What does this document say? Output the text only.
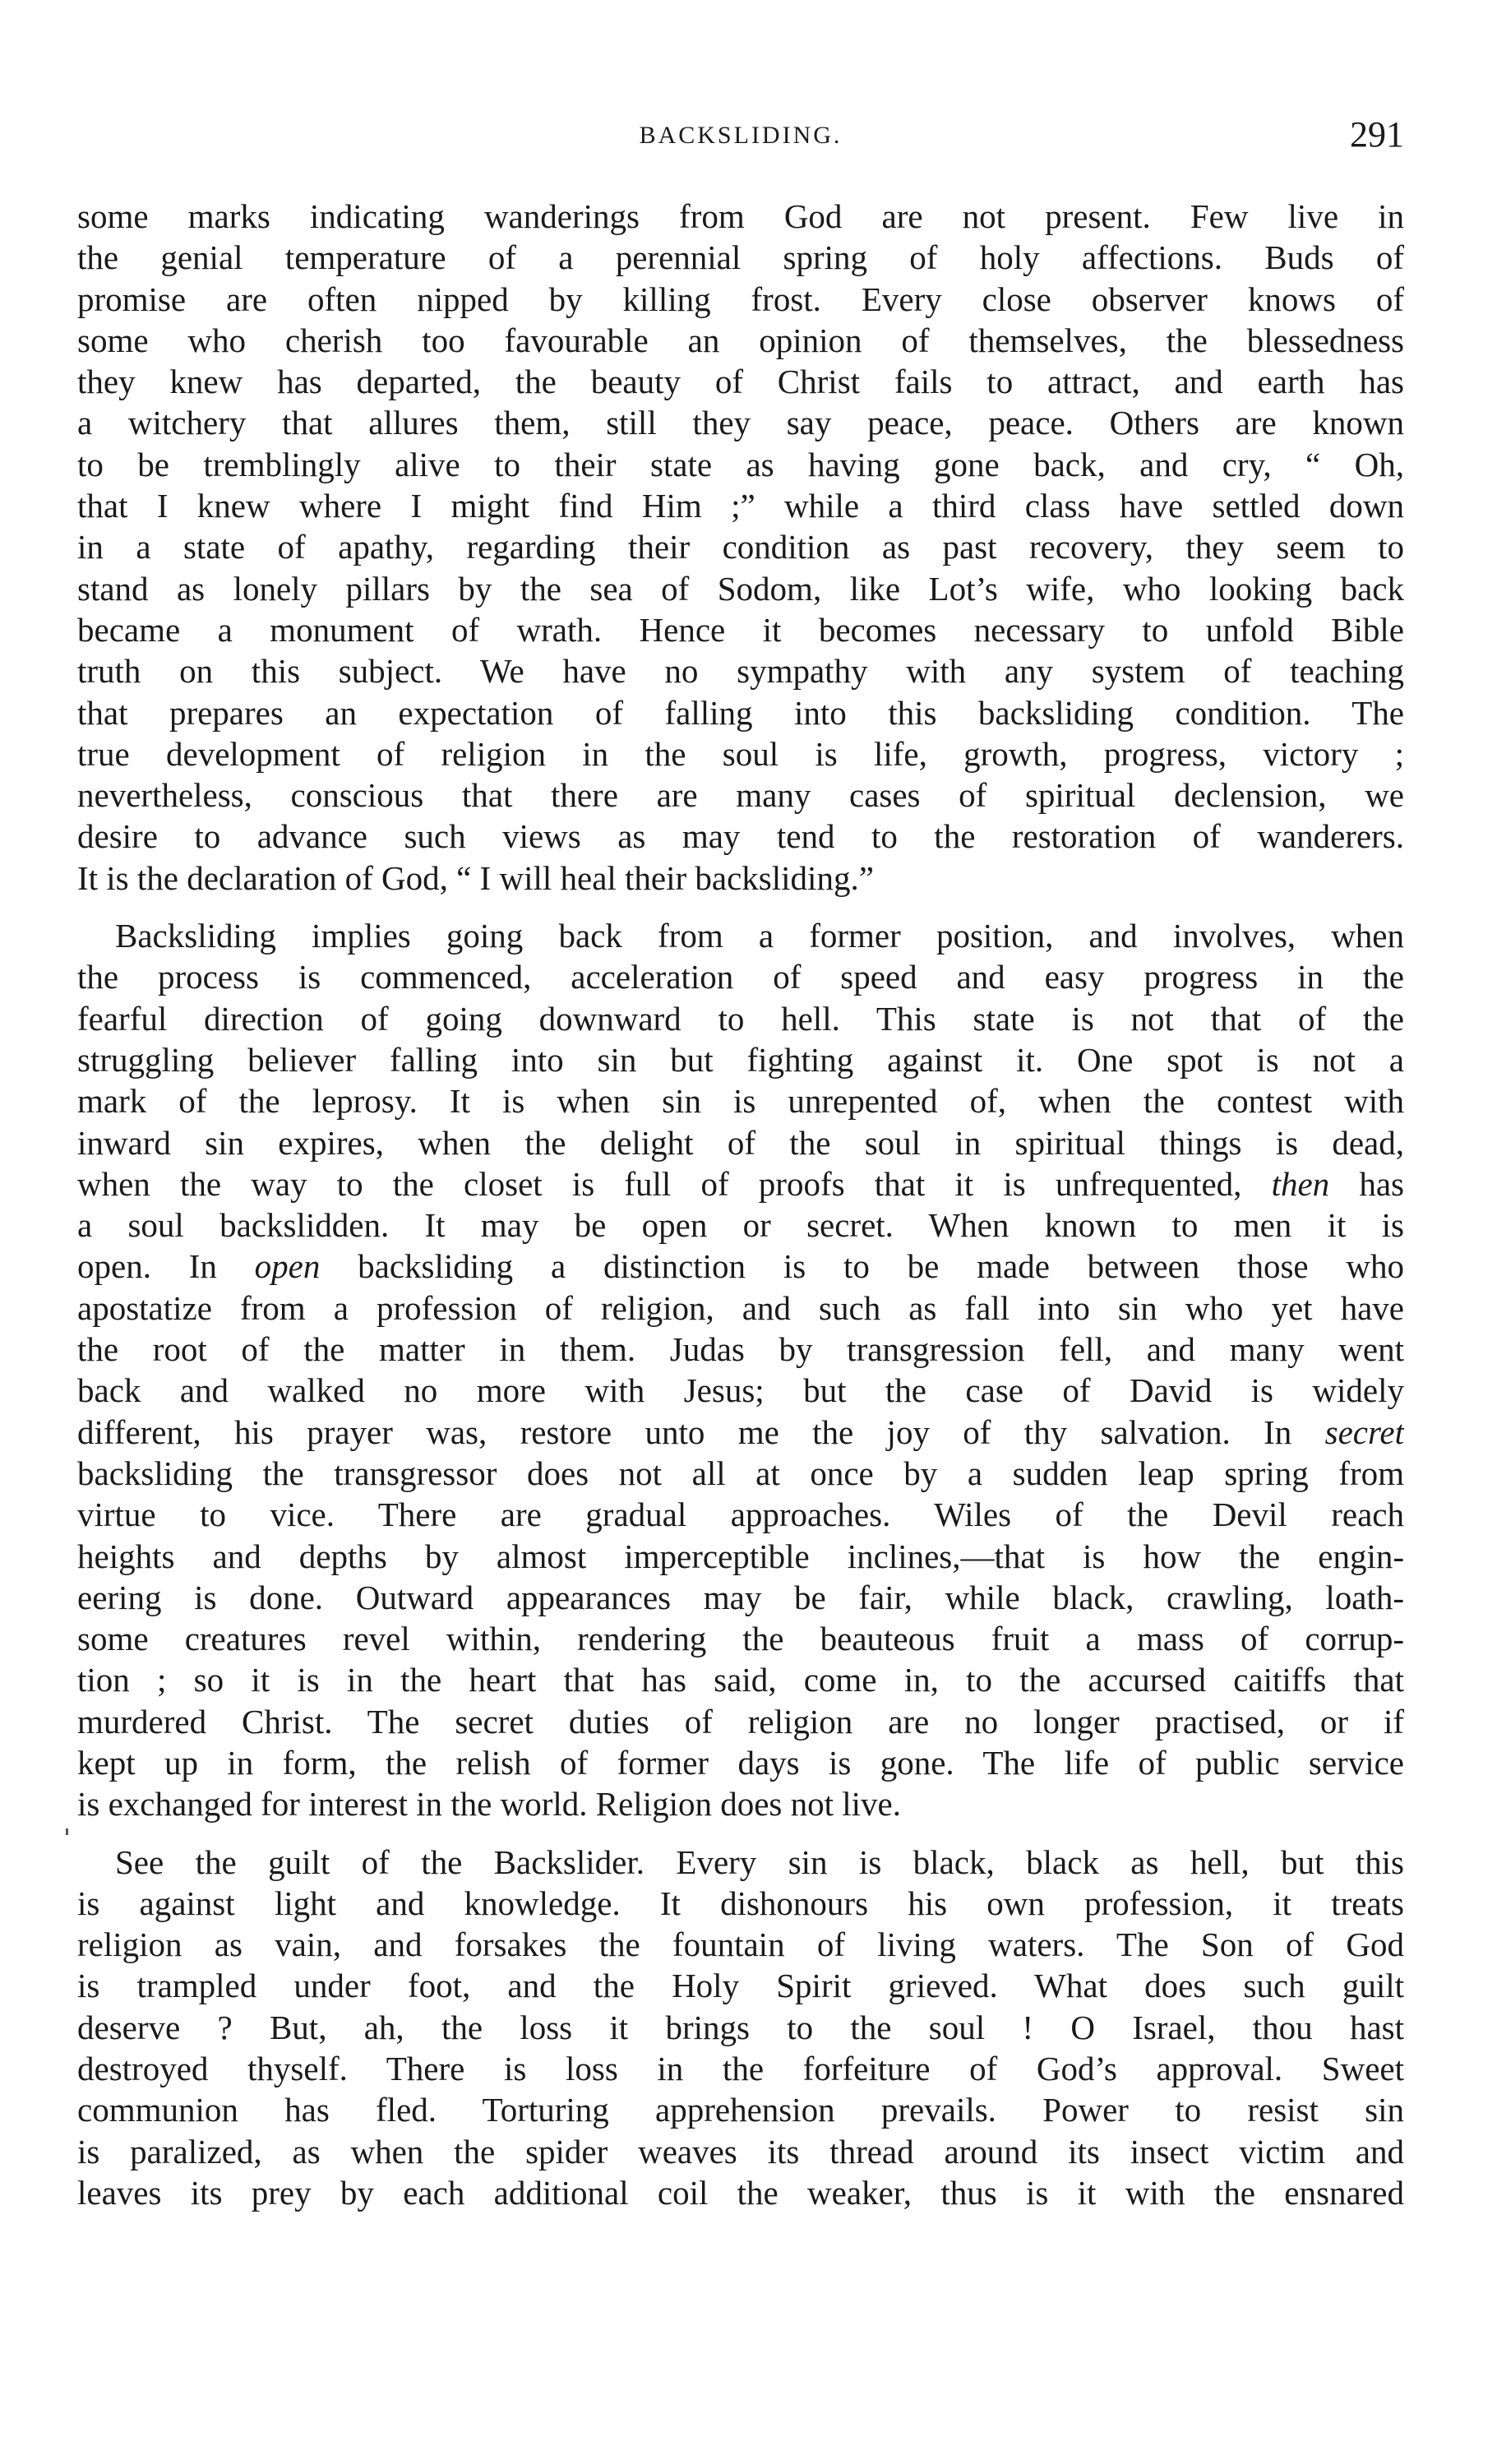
BACKSLIDING.	291
some marks indicating wanderings from God are not present. Few live in
the genial temperature of a perennial spring of holy affections. Buds of
promise are often nipped by killing frost. Every close observer knows of
some who cherish too favourable an opinion of themselves, the blessedness
they knew has departed, the beauty of Christ fails to attract, and earth has
a witchery that allures them, still they say peace, peace. Others are known
to be tremblingly alive to their state as having gone back, and cry, “ Oh,
that I knew where I might find Him ;” while a third class have settled down
in a state of apathy, regarding their condition as past recovery, they seem to
stand as lonely pillars by the sea of Sodom, like Lot’s wife, who looking back
became a monument of wrath. Hence it becomes necessary to unfold Bible
truth on this subject. We have no sympathy with any system of teaching
that prepares an expectation of falling into this backsliding condition. The
true development of religion in the soul is life, growth, progress, victory ;
nevertheless, conscious that there are many cases of spiritual declension, we
desire to advance such views as may tend to the restoration of wanderers.
It is the declaration of God, “ I will heal their backsliding.”
Backsliding implies going back from a former position, and involves, when
the process is commenced, acceleration of speed and easy progress in the
fearful direction of going downward to hell. This state is not that of the
struggling believer falling into sin but fighting against it. One spot is not a
mark of the leprosy. It is when sin is unrepented of, when the contest with
inward sin expires, when the delight of the soul in spiritual things is dead,
when the way to the closet is full of proofs that it is unfrequented, then has
a soul backslidden. It may be open or secret. When known to men it is
open. In open backsliding a distinction is to be made between those who
apostatize from a profession of religion, and such as fall into sin who yet have
the root of the matter in them. Judas by transgression fell, and many went
back and walked no more with Jesus; but the case of David is widely
different, his prayer was, restore unto me the joy of thy salvation. In secret
backsliding the transgressor does not all at once by a sudden leap spring from
virtue to vice. There are gradual approaches. Wiles of the Devil reach
heights and depths by almost imperceptible inclines,—that is how the engin-
eering is done. Outward appearances may be fair, while black, crawling, loath-
some creatures revel within, rendering the beauteous fruit a mass of corrup-
tion ; so it is in the heart that has said, come in, to the accursed caitiffs that
murdered Christ. The secret duties of religion are no longer practised, or if
kept up in form, the relish of former days is gone. The life of public service
is exchanged for interest in the world. Religion does not live.
See the guilt of the Backslider. Every sin is black, black as hell, but this
is against light and knowledge. It dishonours his own profession, it treats
religion as vain, and forsakes the fountain of living waters. The Son of God
is trampled under foot, and the Holy Spirit grieved. What does such guilt
deserve ? But, ah, the loss it brings to the soul ! O Israel, thou hast
destroyed thyself. There is loss in the forfeiture of God’s approval. Sweet
communion has fled. Torturing apprehension prevails. Power to resist sin
is paralized, as when the spider weaves its thread around its insect victim and
leaves its prey by each additional coil the weaker, thus is it with the ensnared
